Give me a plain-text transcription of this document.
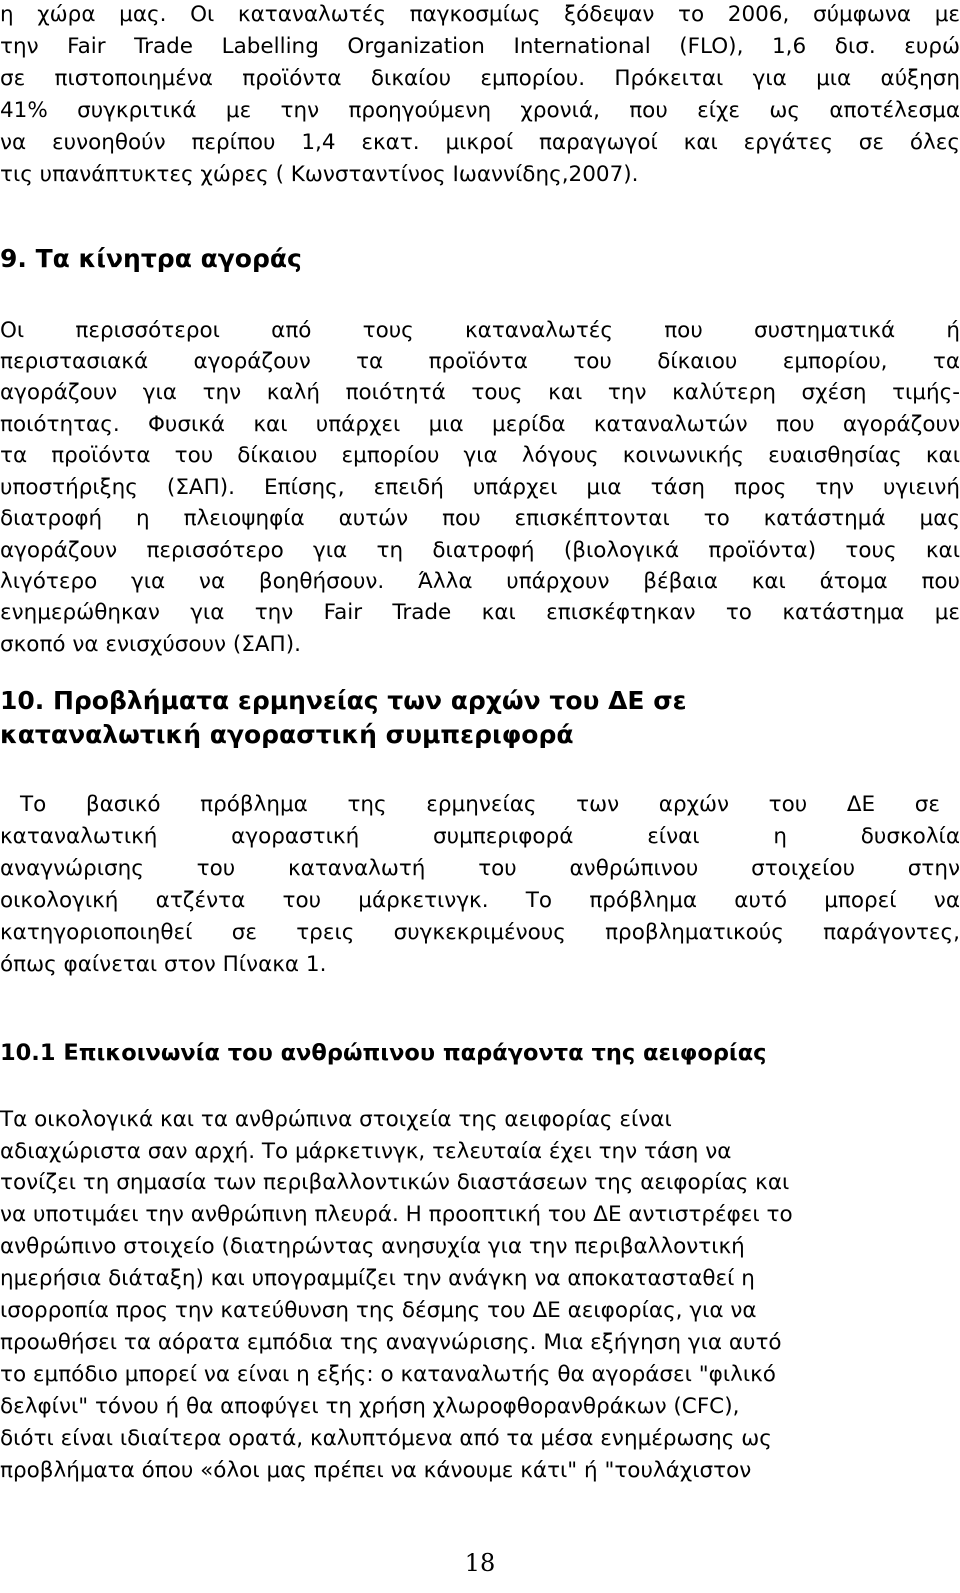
η χώρα μας. Οι καταναλωτές παγκοσμίως ξόδεψαν το 2006, σύμφωνα με
την Fair Trade Labelling Organization International (FLO), 1,6 δισ. ευρώ
σε πιστοποιημένα προϊόντα δικαίου εμπορίου. Πρόκειται για μια αύξηση
41% συγκριτικά με την προηγούμενη χρονιά, που είχε ως αποτέλεσμα
να ευνοηθούν περίπου 1,4 εκατ. μικροί παραγωγοί και εργάτες σε όλες
τις υπανάπτυκτες χώρες ( Κωνσταντίνος Ιωαννίδης,2007).
9. Τα κίνητρα αγοράς
Οι περισσότεροι από τους καταναλωτές που συστηματικά ή
περιστασιακά αγοράζουν τα προϊόντα του δίκαιου εμπορίου, τα
αγοράζουν για την καλή ποιότητά τους και την καλύτερη σχέση τιμής-
ποιότητας. Φυσικά και υπάρχει μια μερίδα καταναλωτών που αγοράζουν
τα προϊόντα του δίκαιου εμπορίου για λόγους κοινωνικής ευαισθησίας και
υποστήριξης (ΣΑΠ). Επίσης, επειδή υπάρχει μια τάση προς την υγιεινή
διατροφή η πλειοψηφία αυτών που επισκέπτονται το κατάστημά μας
αγοράζουν περισσότερο για τη διατροφή (βιολογικά προϊόντα) τους και
λιγότερο για να βοηθήσουν. Άλλα υπάρχουν βέβαια και άτομα που
ενημερώθηκαν για την Fair Trade και επισκέφτηκαν το κατάστημα με
σκοπό να ενισχύσουν (ΣΑΠ).
10. Προβλήματα ερμηνείας των αρχών του ΔΕ σε
καταναλωτική αγοραστική συμπεριφορά
Το βασικό πρόβλημα της ερμηνείας των αρχών του ΔΕ σε
καταναλωτική αγοραστική συμπεριφορά είναι η δυσκολία
αναγνώρισης του καταναλωτή του ανθρώπινου στοιχείου στην
οικολογική ατζέντα του μάρκετινγκ. Το πρόβλημα αυτό μπορεί να
κατηγοριοποιηθεί σε τρεις συγκεκριμένους προβληματικούς παράγοντες,
όπως φαίνεται στον Πίνακα 1.
10.1 Επικοινωνία του ανθρώπινου παράγοντα της αειφορίας
Τα οικολογικά και τα ανθρώπινα στοιχεία της αειφορίας είναι
αδιαχώριστα σαν αρχή. Το μάρκετινγκ, τελευταία έχει την τάση να
τονίζει τη σημασία των περιβαλλοντικών διαστάσεων της αειφορίας και
να υποτιμάει την ανθρώπινη πλευρά. Η προοπτική του ΔΕ αντιστρέφει το
ανθρώπινο στοιχείο (διατηρώντας ανησυχία για την περιβαλλοντική
ημερήσια διάταξη) και υπογραμμίζει την ανάγκη να αποκατασταθεί η
ισορροπία προς την κατεύθυνση της δέσμης του ΔΕ αειφορίας, για να
προωθήσει τα αόρατα εμπόδια της αναγνώρισης. Μια εξήγηση για αυτό
το εμπόδιο μπορεί να είναι η εξής: ο καταναλωτής θα αγοράσει "φιλικό
δελφίνι" τόνου ή θα αποφύγει τη χρήση χλωροφθορανθράκων (CFC),
διότι είναι ιδιαίτερα ορατά, καλυπτόμενα από τα μέσα ενημέρωσης ως
προβλήματα όπου «όλοι μας πρέπει να κάνουμε κάτι" ή "τουλάχιστον
18
